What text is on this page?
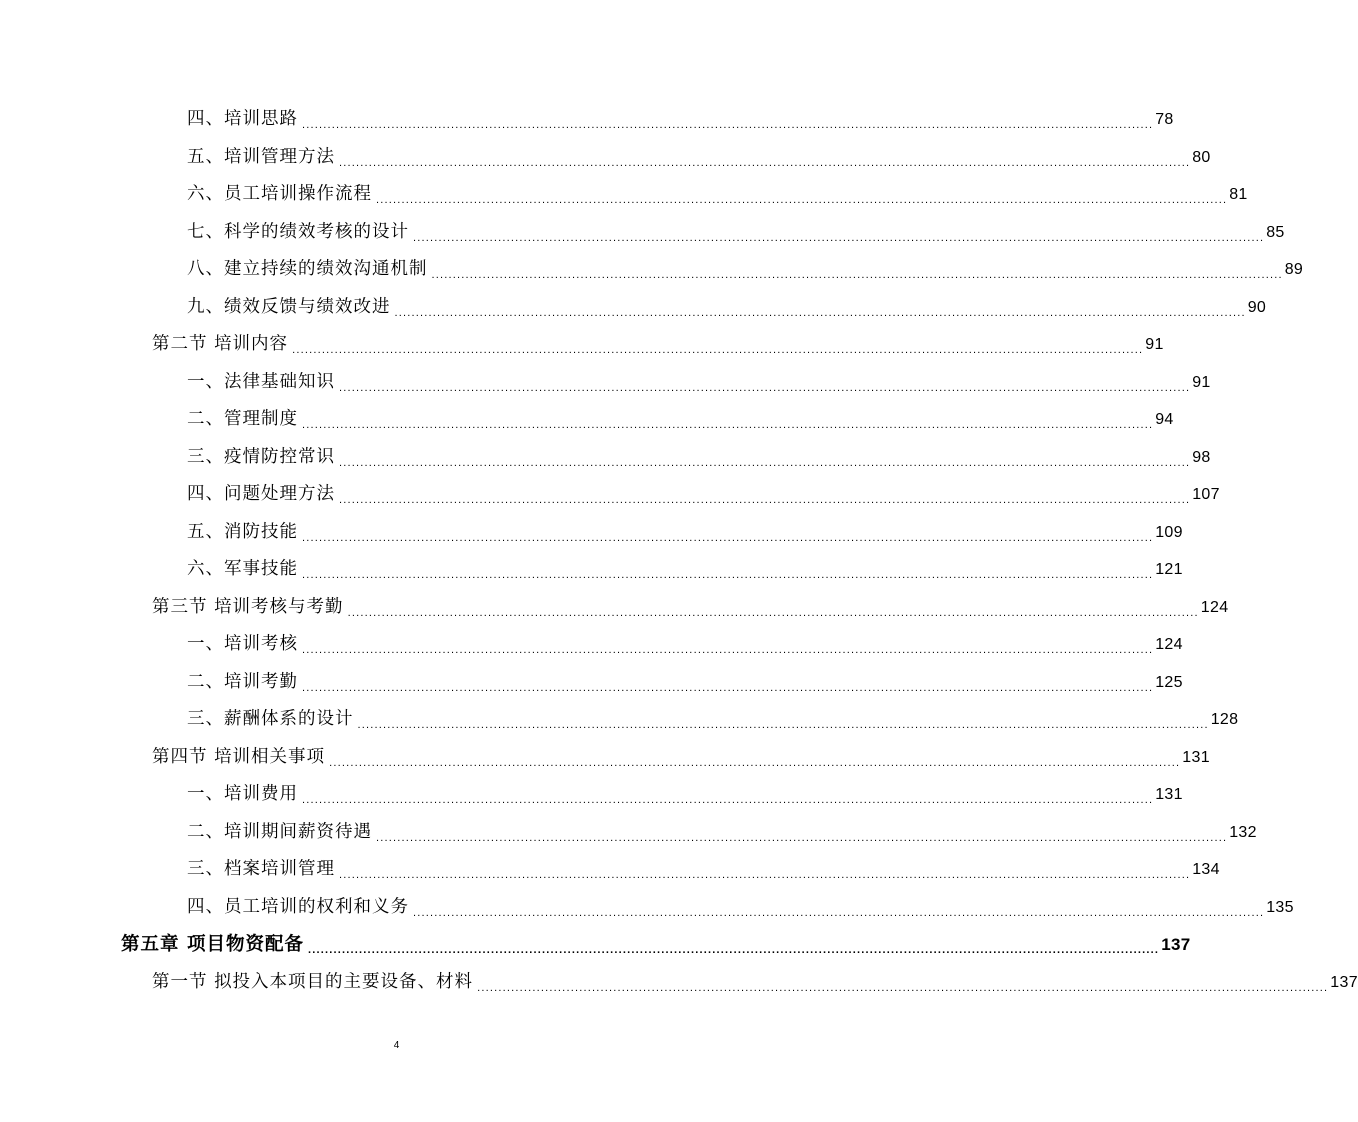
四、培训思路 ........................................................................................................................................................................................................ 78
五、培训管理方法 ........................................................................................................................................................................................................ 80
六、员工培训操作流程 ........................................................................................................................................................................................................ 81
七、科学的绩效考核的设计 ........................................................................................................................................................................................................ 85
八、建立持续的绩效沟通机制 ........................................................................................................................................................................................................ 89
九、绩效反馈与绩效改进 ........................................................................................................................................................................................................ 90
第二节 培训内容 ........................................................................................................................................................................................................ 91
一、法律基础知识 ........................................................................................................................................................................................................ 91
二、管理制度 ........................................................................................................................................................................................................ 94
三、疫情防控常识 ........................................................................................................................................................................................................ 98
四、问题处理方法 ........................................................................................................................................................................................................ 107
五、消防技能 ........................................................................................................................................................................................................ 109
六、军事技能 ........................................................................................................................................................................................................ 121
第三节 培训考核与考勤 ........................................................................................................................................................................................................ 124
一、培训考核 ........................................................................................................................................................................................................ 124
二、培训考勤 ........................................................................................................................................................................................................ 125
三、薪酬体系的设计 ........................................................................................................................................................................................................ 128
第四节 培训相关事项 ........................................................................................................................................................................................................ 131
一、培训费用 ........................................................................................................................................................................................................ 131
二、培训期间薪资待遇 ........................................................................................................................................................................................................ 132
三、档案培训管理 ........................................................................................................................................................................................................ 134
四、员工培训的权利和义务 ........................................................................................................................................................................................................ 135
第五章 项目物资配备 ........................................................................................................................................................................................................ 137
第一节 拟投入本项目的主要设备、材料 ........................................................................................................................................................................................................ 137
4
